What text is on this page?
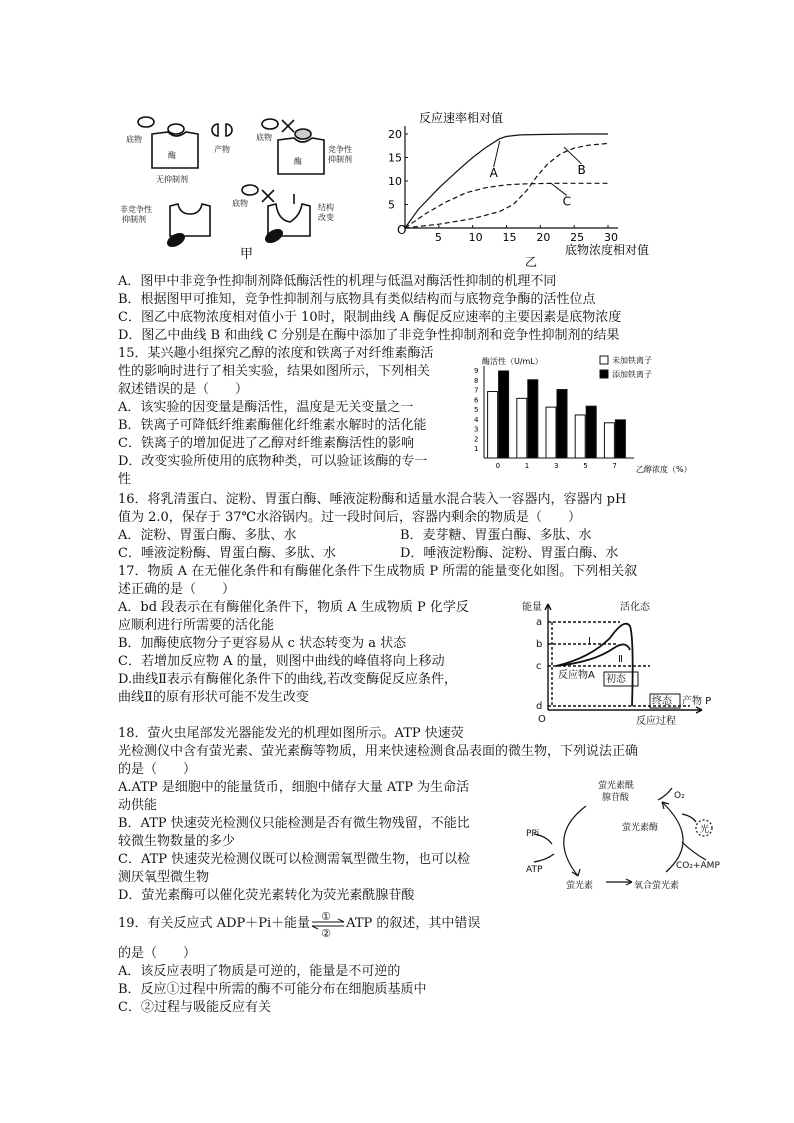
底物
酶
产物
无抑制剂
底物
酶
竞争性
抑制剂
非竞争性
抑制剂
底物	结构
改变
甲
反应速率相对值
底物浓度相对值
O
乙
5 10 15 20 25 30
5
10
15
20
A	B
C
A．图甲中非竞争性抑制剂降低酶活性的机理与低温对酶活性抑制的机理不同
B．根据图甲可推知，竞争性抑制剂与底物具有类似结构而与底物竞争酶的活性位点
C．图乙中底物浓度相对值小于 10时，限制曲线 A 酶促反应速率的主要因素是底物浓度
D．图乙中曲线 B 和曲线 C 分别是在酶中添加了非竞争性抑制剂和竞争性抑制剂的结果
15．某兴趣小组探究乙醇的浓度和铁离子对纤维素酶活
性的影响时进行了相关实验，结果如图所示，下列相关
叙述错误的是（　　）
A．该实验的因变量是酶活性，温度是无关变量之一
B．铁离子可降低纤维素酶催化纤维素水解时的活化能
C．铁离子的增加促进了乙醇对纤维素酶活性的影响
D．改变实验所使用的底物种类，可以验证该酶的专一
性
酶活性（U/mL）
乙醇浓度（%）
1
2
3
4
5
6
7
8
9
0	1	3	5	7
未加铁离子
添加铁离子
16．将乳清蛋白、淀粉、胃蛋白酶、唾液淀粉酶和适量水混合装入一容器内，容器内 pH
值为 2.0，保存于 37℃水浴锅内。过一段时间后，容器内剩余的物质是（　　）
A．淀粉、胃蛋白酶、多肽、水	B．麦芽糖、胃蛋白酶、多肽、水
C．唾液淀粉酶、胃蛋白酶、多肽、水	D．唾液淀粉酶、淀粉、胃蛋白酶、水
17．物质 A 在无催化条件和有酶催化条件下生成物质 P 所需的能量变化如图。下列相关叙
述正确的是（　　）
A．bd 段表示在有酶催化条件下，物质 A 生成物质 P 化学反
应顺利进行所需要的活化能
B．加酶使底物分子更容易从 c 状态转变为 a 状态
C．若增加反应物 A 的量，则图中曲线的峰值将向上移动
D.曲线Ⅱ表示有酶催化条件下的曲线,若改变酶促反应条件，
曲线Ⅱ的原有形状可能不发生改变
能量	活化态
a
b
c
d
O
Ⅰ
Ⅱ
反应物A 初态
终态 产物 P
反应过程
18．萤火虫尾部发光器能发光的机理如图所示。ATP 快速荧
光检测仪中含有萤光素、萤光素酶等物质，用来快速检测食品表面的微生物，下列说法正确
的是（　　）
A.ATP 是细胞中的能量货币，细胞中储存大量 ATP 为生命活
动供能
B．ATP 快速荧光检测仪只能检测是否有微生物残留，不能比
较微生物数量的多少
C．ATP 快速荧光检测仪既可以检测需氧型微生物，也可以检
测厌氧型微生物
D．萤光素酶可以催化荧光素转化为荧光素酰腺苷酸
萤光素酰
腺苷酸	O₂
萤光素酶	光
PPi
ATP	CO₂+AMP
萤光素	氧合萤光素
19．有关反应式 ADP＋Pi＋能量 ①
②
ATP 的叙述，其中错误
的是（　　）
A．该反应表明了物质是可逆的，能量是不可逆的
B．反应①过程中所需的酶不可能分布在细胞质基质中
C．②过程与吸能反应有关
